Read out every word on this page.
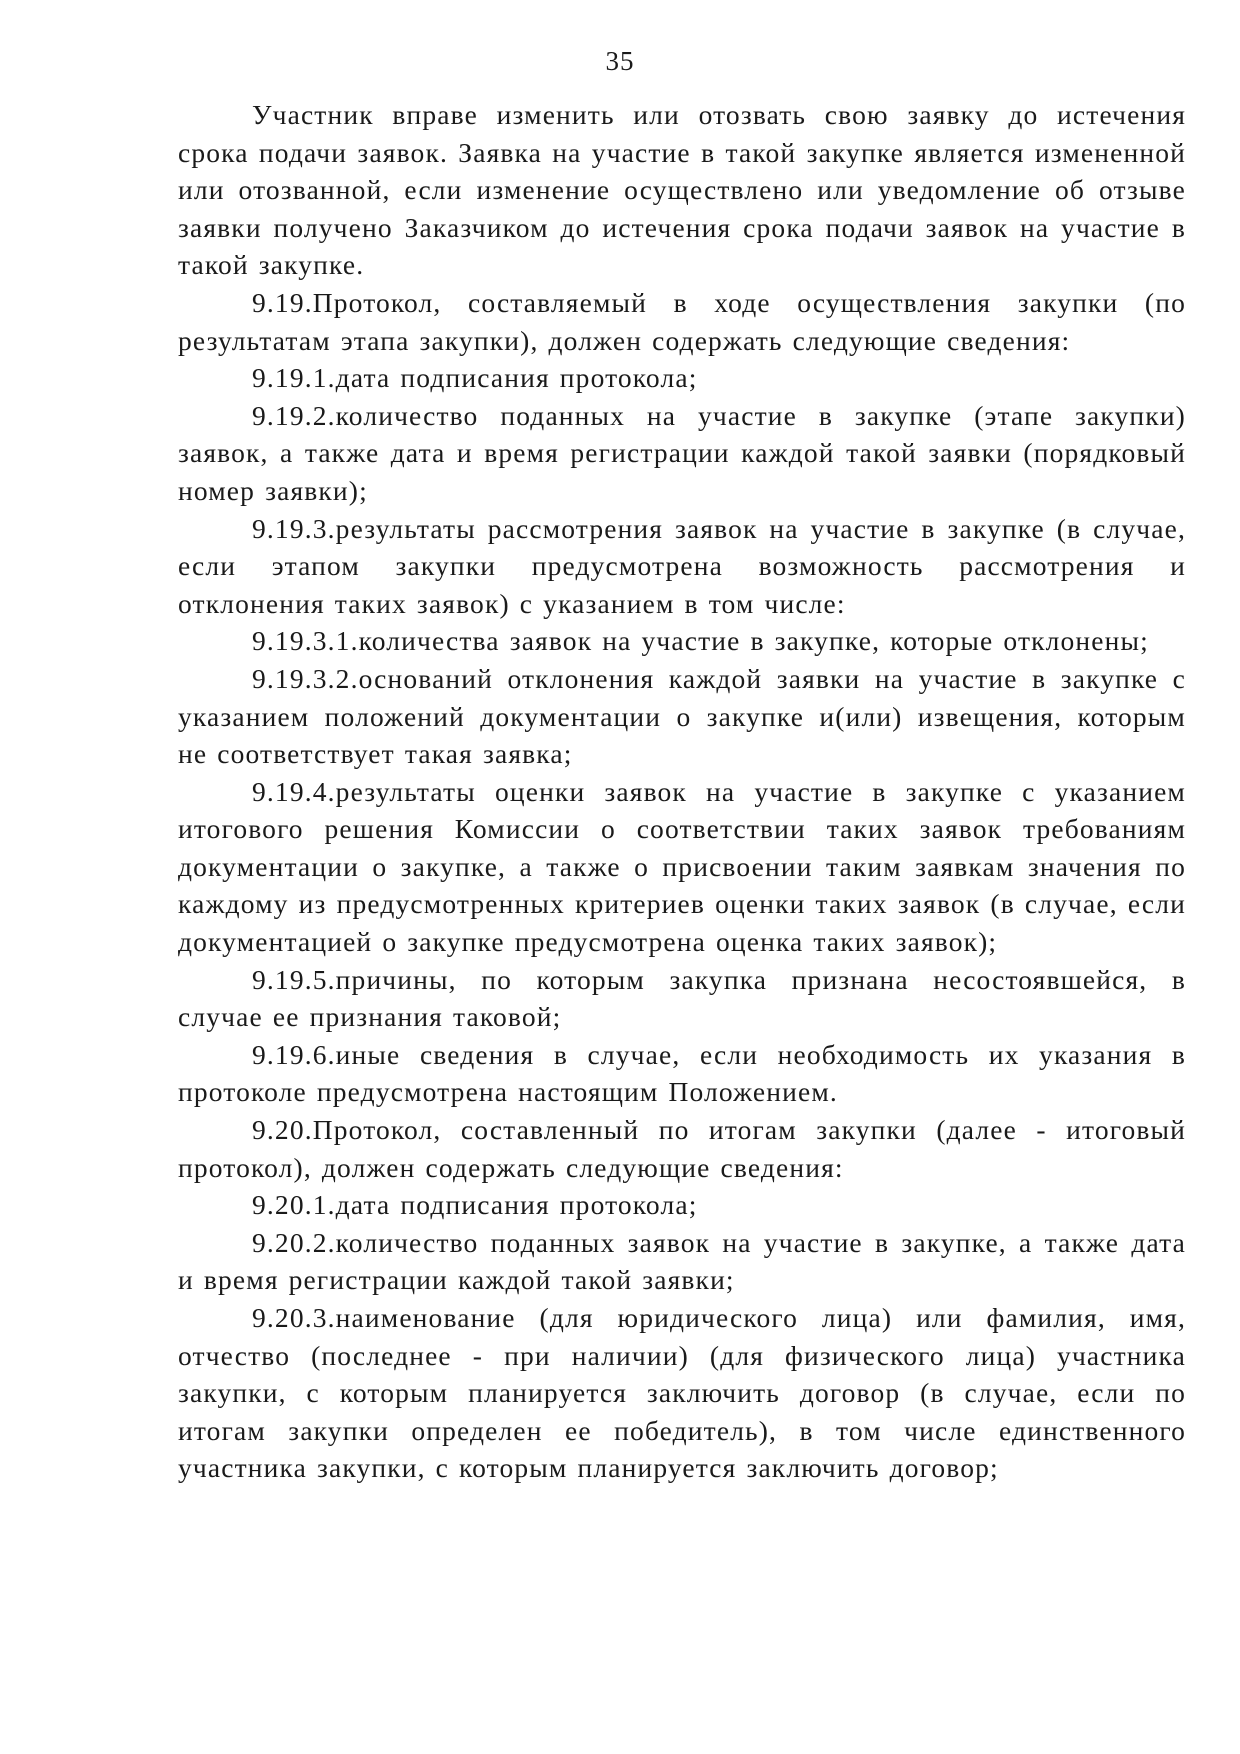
35

Участник вправе изменить или отозвать свою заявку до истечения срока подачи заявок. Заявка на участие в такой закупке является измененной или отозванной, если изменение осуществлено или уведомление об отзыве заявки получено Заказчиком до истечения срока подачи заявок на участие в такой закупке.

9.19.Протокол, составляемый в ходе осуществления закупки (по результатам этапа закупки), должен содержать следующие сведения:

9.19.1.дата подписания протокола;

9.19.2.количество поданных на участие в закупке (этапе закупки) заявок, а также дата и время регистрации каждой такой заявки (порядковый номер заявки);

9.19.3.результаты рассмотрения заявок на участие в закупке (в случае, если этапом закупки предусмотрена возможность рассмотрения и отклонения таких заявок) с указанием в том числе:

9.19.3.1.количества заявок на участие в закупке, которые отклонены;

9.19.3.2.оснований отклонения каждой заявки на участие в закупке с указанием положений документации о закупке и(или) извещения, которым не соответствует такая заявка;

9.19.4.результаты оценки заявок на участие в закупке с указанием итогового решения Комиссии о соответствии таких заявок требованиям документации о закупке, а также о присвоении таким заявкам значения по каждому из предусмотренных критериев оценки таких заявок (в случае, если документацией о закупке предусмотрена оценка таких заявок);

9.19.5.причины, по которым закупка признана несостоявшейся, в случае ее признания таковой;

9.19.6.иные сведения в случае, если необходимость их указания в протоколе предусмотрена настоящим Положением.

9.20.Протокол, составленный по итогам закупки (далее - итоговый протокол), должен содержать следующие сведения:

9.20.1.дата подписания протокола;

9.20.2.количество поданных заявок на участие в закупке, а также дата и время регистрации каждой такой заявки;

9.20.3.наименование (для юридического лица) или фамилия, имя, отчество (последнее - при наличии) (для физического лица) участника закупки, с которым планируется заключить договор (в случае, если по итогам закупки определен ее победитель), в том числе единственного участника закупки, с которым планируется заключить договор;
